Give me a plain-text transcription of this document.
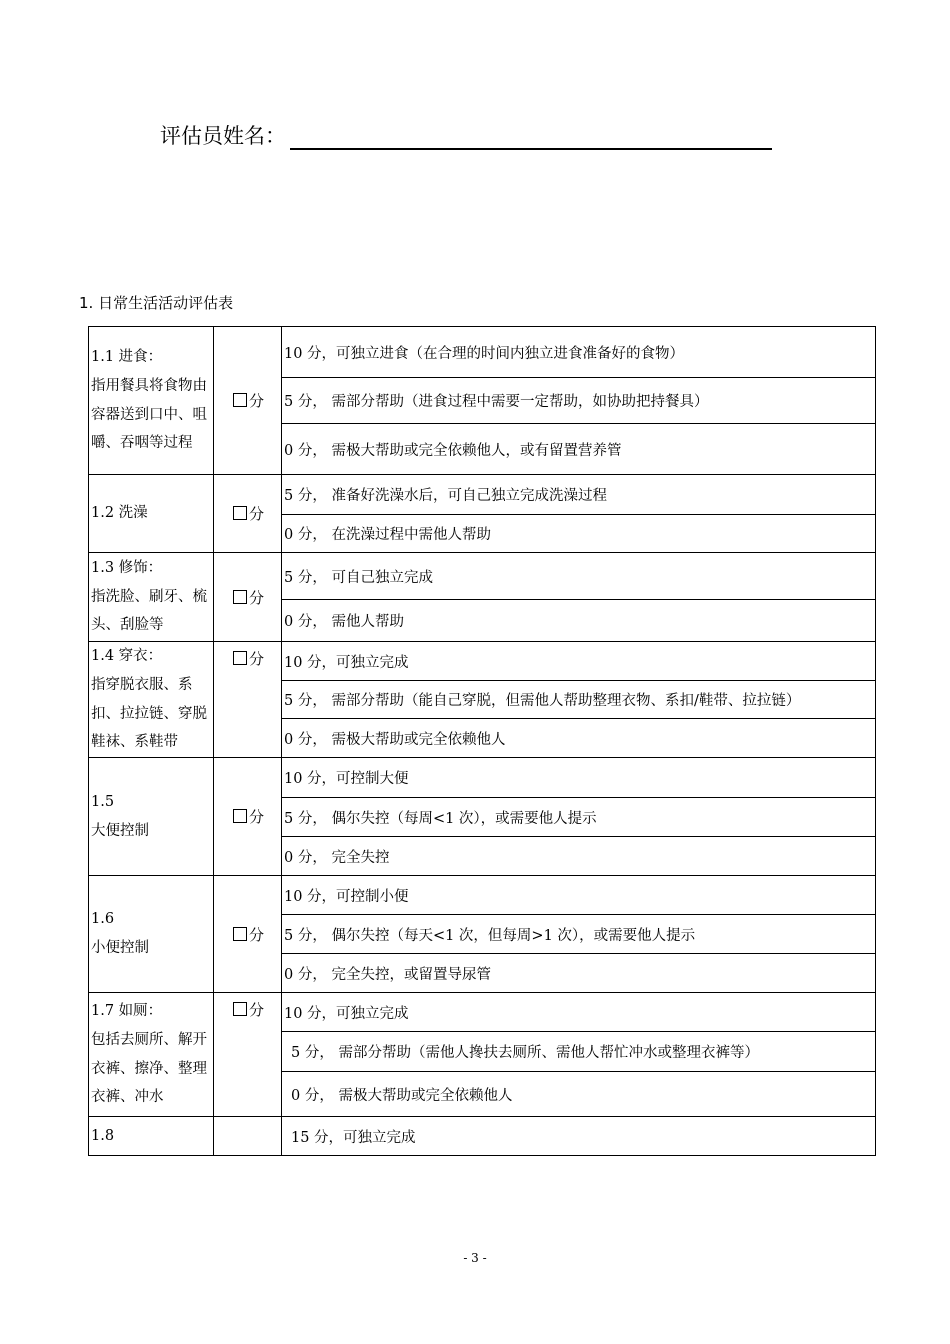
评估员姓名：
1. 日常生活活动评估表
1.1 进食：
指用餐具将食物由容器送到口中、咀嚼、吞咽等过程	分	10 分，可独立进食（在合理的时间内独立进食准备好的食物）
		5 分， 需部分帮助（进食过程中需要一定帮助，如协助把持餐具）
		0 分， 需极大帮助或完全依赖他人，或有留置营养管
1.2 洗澡	分	5 分， 准备好洗澡水后，可自己独立完成洗澡过程
		0 分， 在洗澡过程中需他人帮助
1.3 修饰：
指洗脸、刷牙、梳头、刮脸等	分	5 分， 可自己独立完成
		0 分， 需他人帮助
1.4 穿衣：
指穿脱衣服、系扣、拉拉链、穿脱鞋袜、系鞋带	分	10 分，可独立完成
		5 分， 需部分帮助（能自己穿脱，但需他人帮助整理衣物、系扣/鞋带、拉拉链）
		0 分， 需极大帮助或完全依赖他人
1.5
大便控制	分	10 分，可控制大便
		5 分， 偶尔失控（每周<1 次），或需要他人提示
		0 分， 完全失控
1.6
小便控制	分	10 分，可控制小便
		5 分， 偶尔失控（每天<1 次，但每周>1 次），或需要他人提示
		0 分， 完全失控，或留置导尿管
1.7 如厕：
包括去厕所、解开衣裤、擦净、整理衣裤、冲水	分	10 分，可独立完成
		5 分， 需部分帮助（需他人搀扶去厕所、需他人帮忙冲水或整理衣裤等）
		0 分， 需极大帮助或完全依赖他人
1.8		15 分，可独立完成
- 3 -
